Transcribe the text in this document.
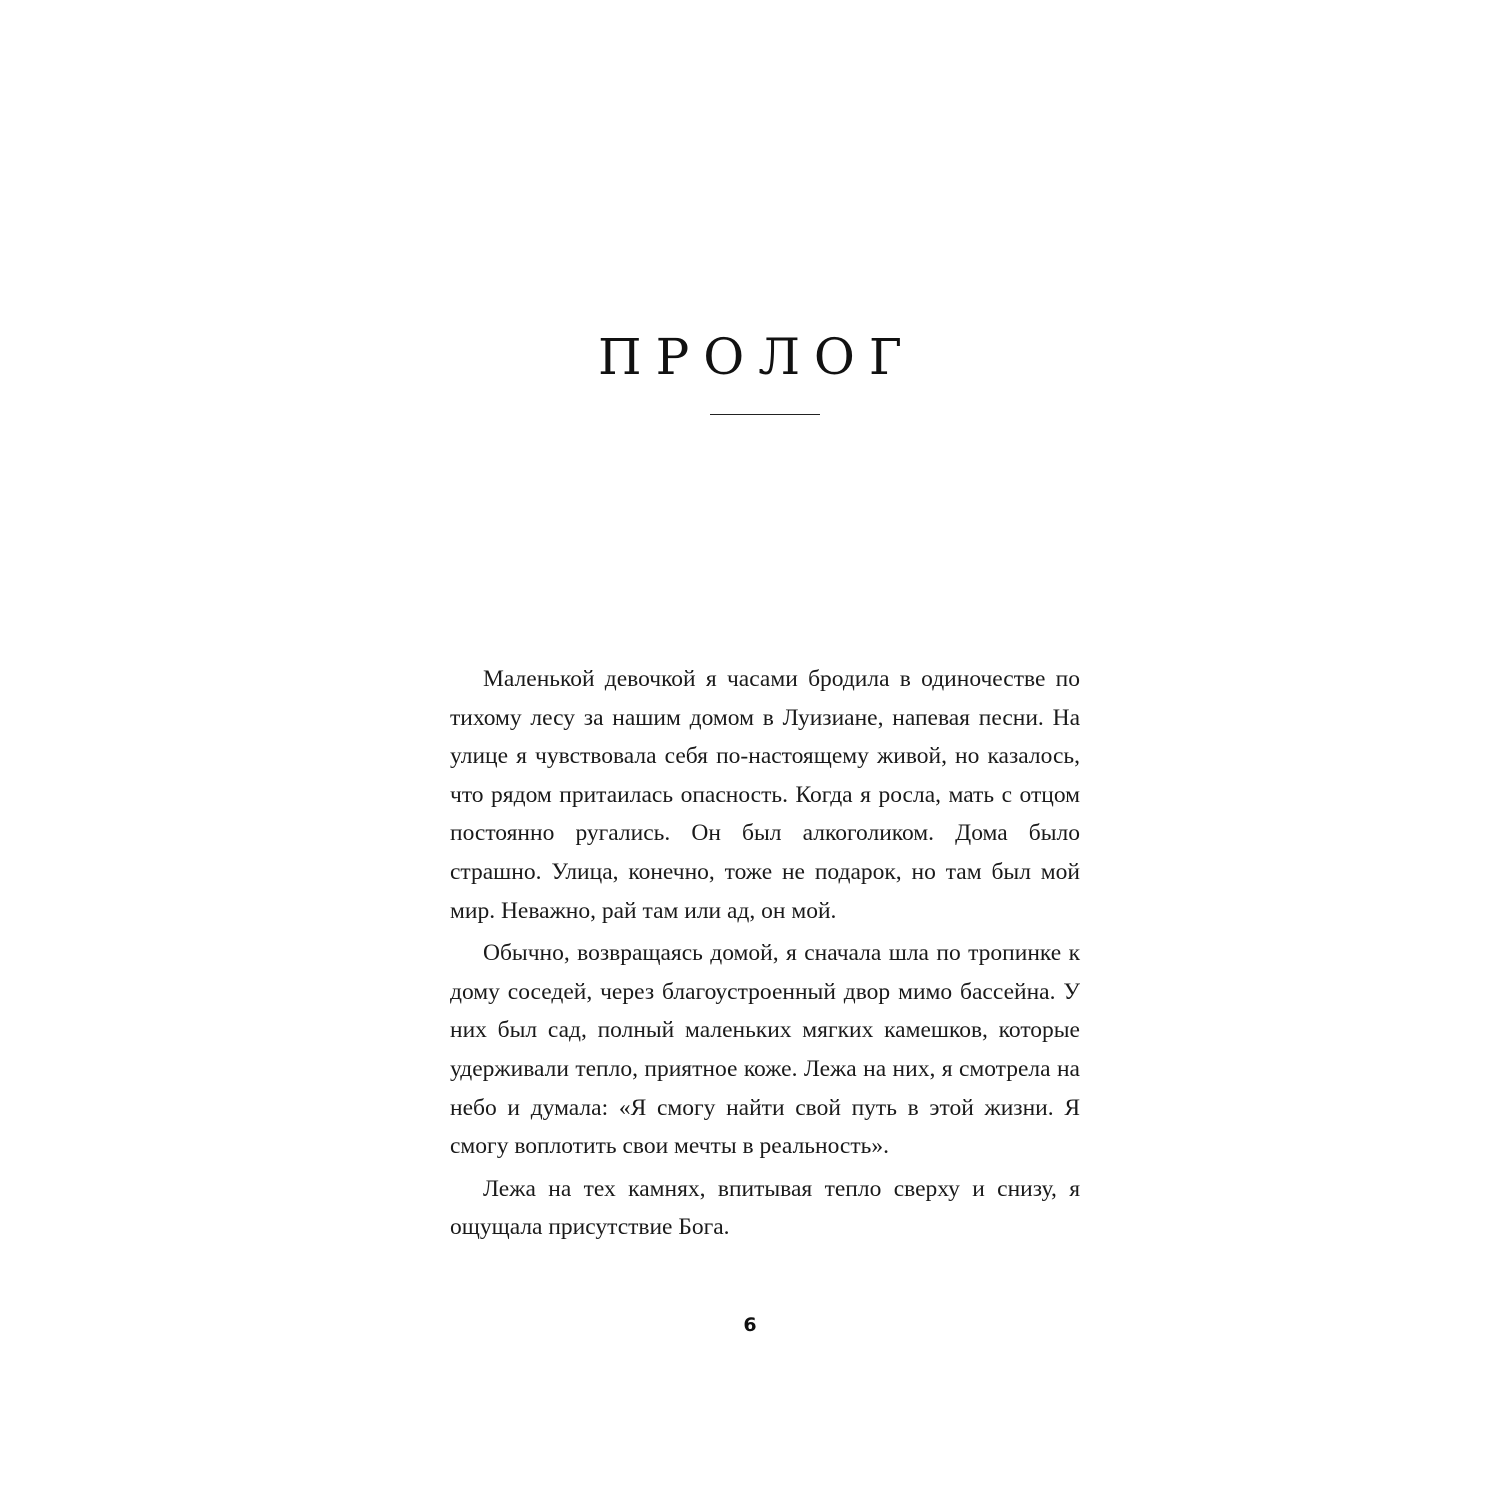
ПРОЛОГ

Маленькой девочкой я часами бродила в одиночестве по тихому лесу за нашим домом в Луизиане, напевая песни. На улице я чувствовала себя по-настоящему живой, но казалось, что рядом притаилась опасность. Когда я росла, мать с отцом постоянно ругались. Он был алкоголиком. Дома было страшно. Улица, конечно, тоже не подарок, но там был мой мир. Неважно, рай там или ад, он мой.

Обычно, возвращаясь домой, я сначала шла по тропинке к дому соседей, через благоустроенный двор мимо бассейна. У них был сад, полный маленьких мягких камешков, которые удерживали тепло, приятное коже. Лежа на них, я смотрела на небо и думала: «Я смогу найти свой путь в этой жизни. Я смогу воплотить свои мечты в реальность».

Лежа на тех камнях, впитывая тепло сверху и снизу, я ощущала присутствие Бога.

6
